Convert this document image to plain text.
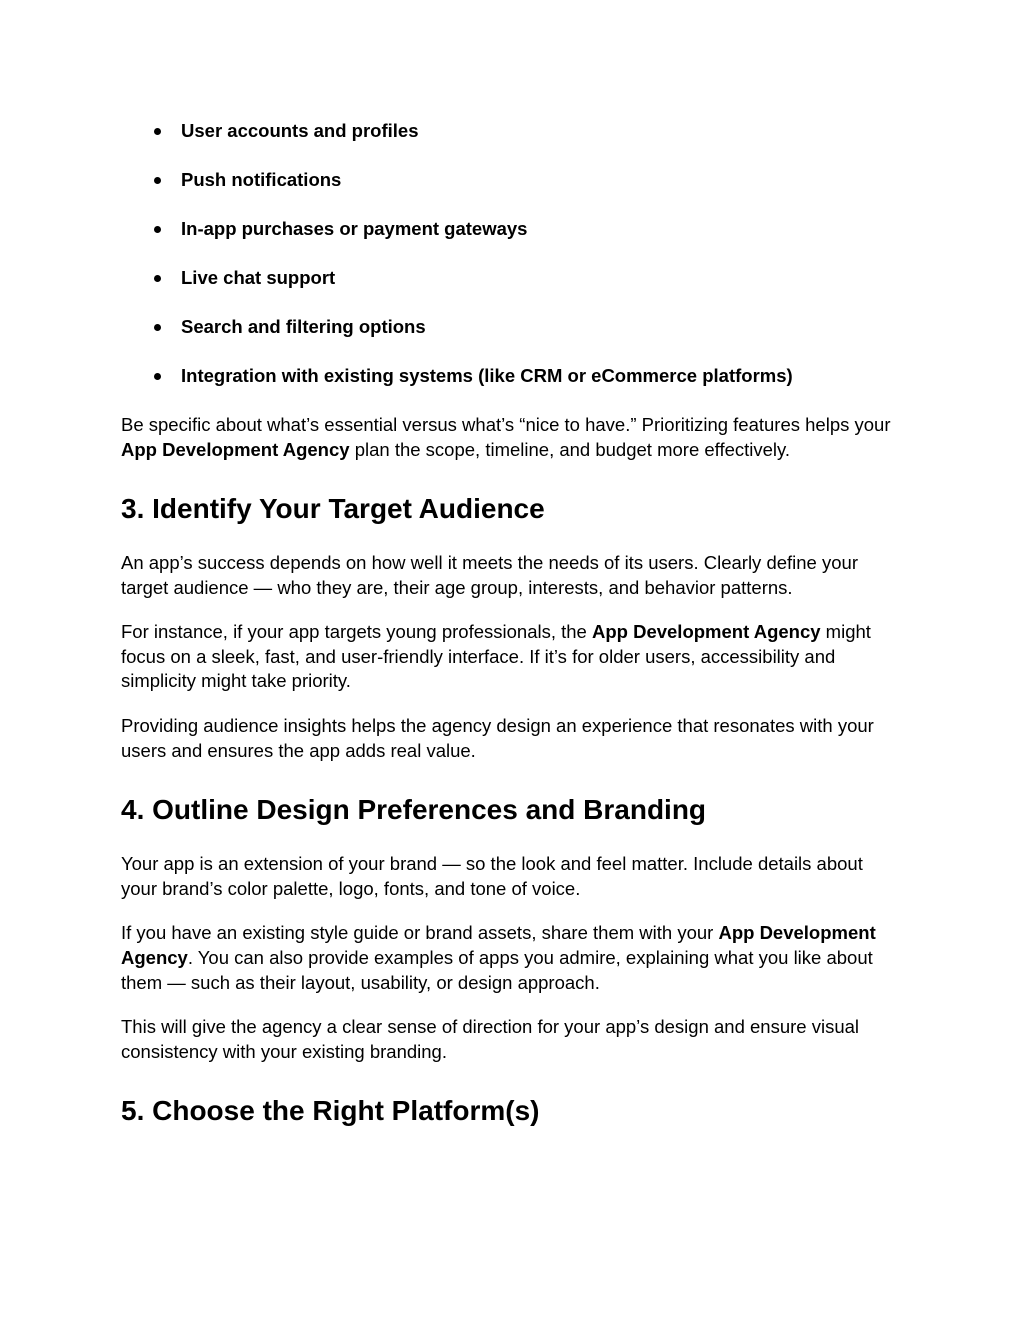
User accounts and profiles
Push notifications
In-app purchases or payment gateways
Live chat support
Search and filtering options
Integration with existing systems (like CRM or eCommerce platforms)

Be specific about what’s essential versus what’s “nice to have.” Prioritizing features helps your App Development Agency plan the scope, timeline, and budget more effectively.

3. Identify Your Target Audience

An app’s success depends on how well it meets the needs of its users. Clearly define your target audience — who they are, their age group, interests, and behavior patterns.

For instance, if your app targets young professionals, the App Development Agency might focus on a sleek, fast, and user-friendly interface. If it’s for older users, accessibility and simplicity might take priority.

Providing audience insights helps the agency design an experience that resonates with your users and ensures the app adds real value.

4. Outline Design Preferences and Branding

Your app is an extension of your brand — so the look and feel matter. Include details about your brand’s color palette, logo, fonts, and tone of voice.

If you have an existing style guide or brand assets, share them with your App Development Agency. You can also provide examples of apps you admire, explaining what you like about them — such as their layout, usability, or design approach.

This will give the agency a clear sense of direction for your app’s design and ensure visual consistency with your existing branding.

5. Choose the Right Platform(s)
